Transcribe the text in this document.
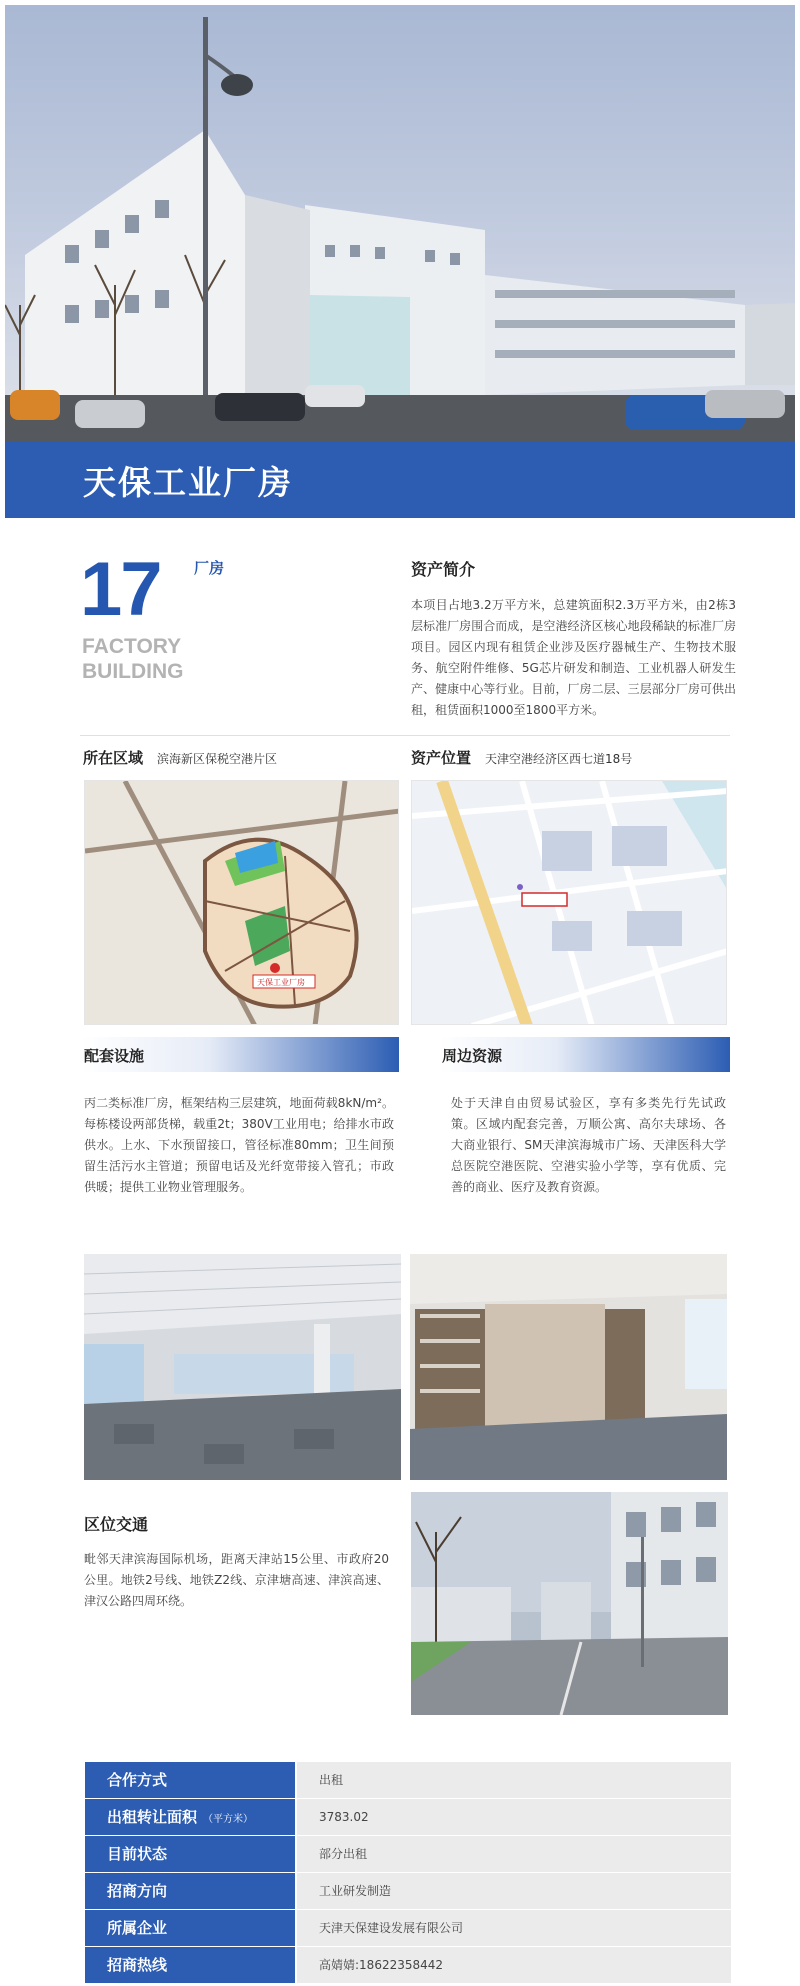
天保工业厂房
17 厂房
FACTORY
BUILDING
资产简介
本项目占地3.2万平方米，总建筑面积2.3万平方米，由2栋3层标准厂房围合而成，是空港经济区核心地段稀缺的标准厂房项目。园区内现有租赁企业涉及医疗器械生产、生物技术服务、航空附件维修、5G芯片研发和制造、工业机器人研发生产、健康中心等行业。目前，厂房二层、三层部分厂房可供出租，租赁面积1000至1800平方米。
所在区域 滨海新区保税空港片区	资产位置 天津空港经济区西七道18号
天保工业厂房
配套设施
丙二类标准厂房，框架结构三层建筑，地面荷载8kN/m²。每栋楼设两部货梯，载重2t；380V工业用电；给排水市政供水。上水、下水预留接口，管径标准80mm；卫生间预留生活污水主管道；预留电话及光纤宽带接入管孔；市政供暖；提供工业物业管理服务。
周边资源
处于天津自由贸易试验区，享有多类先行先试政策。区域内配套完善，万顺公寓、高尔夫球场、各大商业银行、SM天津滨海城市广场、天津医科大学总医院空港医院、空港实验小学等，享有优质、完善的商业、医疗及教育资源。
区位交通
毗邻天津滨海国际机场，距离天津站15公里、市政府20公里。地铁2号线、地铁Z2线、京津塘高速、津滨高速、津汉公路四周环绕。
合作方式	出租
出租转让面积 （平方米）	3783.02
目前状态	部分出租
招商方向	工业研发制造
所属企业	天津天保建设发展有限公司
招商热线	高婧婧:18622358442
